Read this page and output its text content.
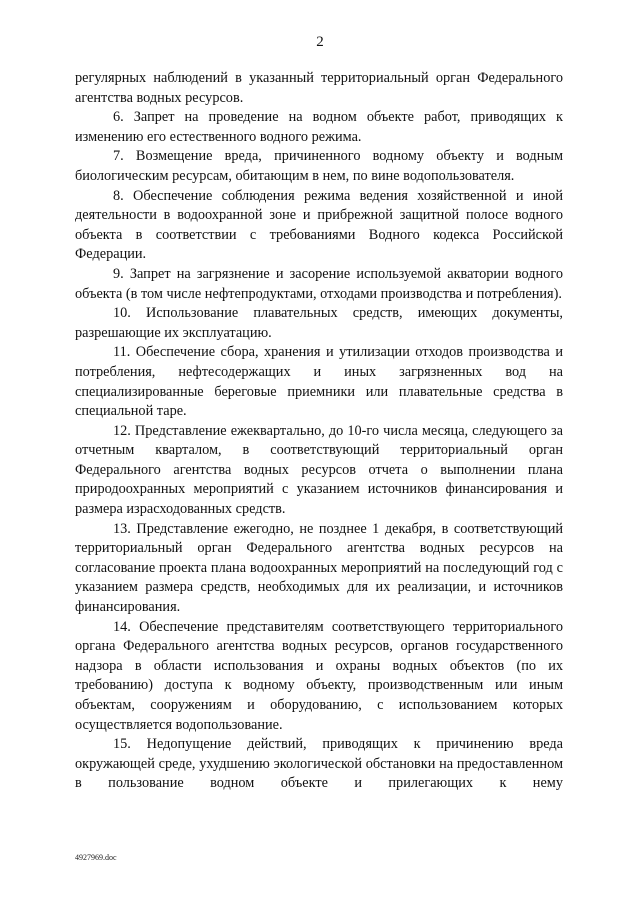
2

регулярных наблюдений в указанный территориальный орган Федерального агентства водных ресурсов.

6. Запрет на проведение на водном объекте работ, приводящих к изменению его естественного водного режима.

7. Возмещение вреда, причиненного водному объекту и водным биологическим ресурсам, обитающим в нем, по вине водопользователя.

8. Обеспечение соблюдения режима ведения хозяйственной и иной деятельности в водоохранной зоне и прибрежной защитной полосе водного объекта в соответствии с требованиями Водного кодекса Российской Федерации.

9. Запрет на загрязнение и засорение используемой акватории водного объекта (в том числе нефтепродуктами, отходами производства и потребления).

10. Использование плавательных средств, имеющих документы, разрешающие их эксплуатацию.

11. Обеспечение сбора, хранения и утилизации отходов производства и потребления, нефтесодержащих и иных загрязненных вод на специализированные береговые приемники или плавательные средства в специальной таре.

12. Представление ежеквартально, до 10-го числа месяца, следующего за отчетным кварталом, в соответствующий территориальный орган Федерального агентства водных ресурсов отчета о выполнении плана природоохранных мероприятий с указанием источников финансирования и размера израсходованных средств.

13. Представление ежегодно, не позднее 1 декабря, в соответствующий территориальный орган Федерального агентства водных ресурсов на согласование проекта плана водоохранных мероприятий на последующий год с указанием размера средств, необходимых для их реализации, и источников финансирования.

14. Обеспечение представителям соответствующего территориального органа Федерального агентства водных ресурсов, органов государственного надзора в области использования и охраны водных объектов (по их требованию) доступа к водному объекту, производственным или иным объектам, сооружениям и оборудованию, с использованием которых осуществляется водопользование.

15. Недопущение действий, приводящих к причинению вреда окружающей среде, ухудшению экологической обстановки на предоставленном в пользование водном объекте и прилегающих к нему

4927969.doc
